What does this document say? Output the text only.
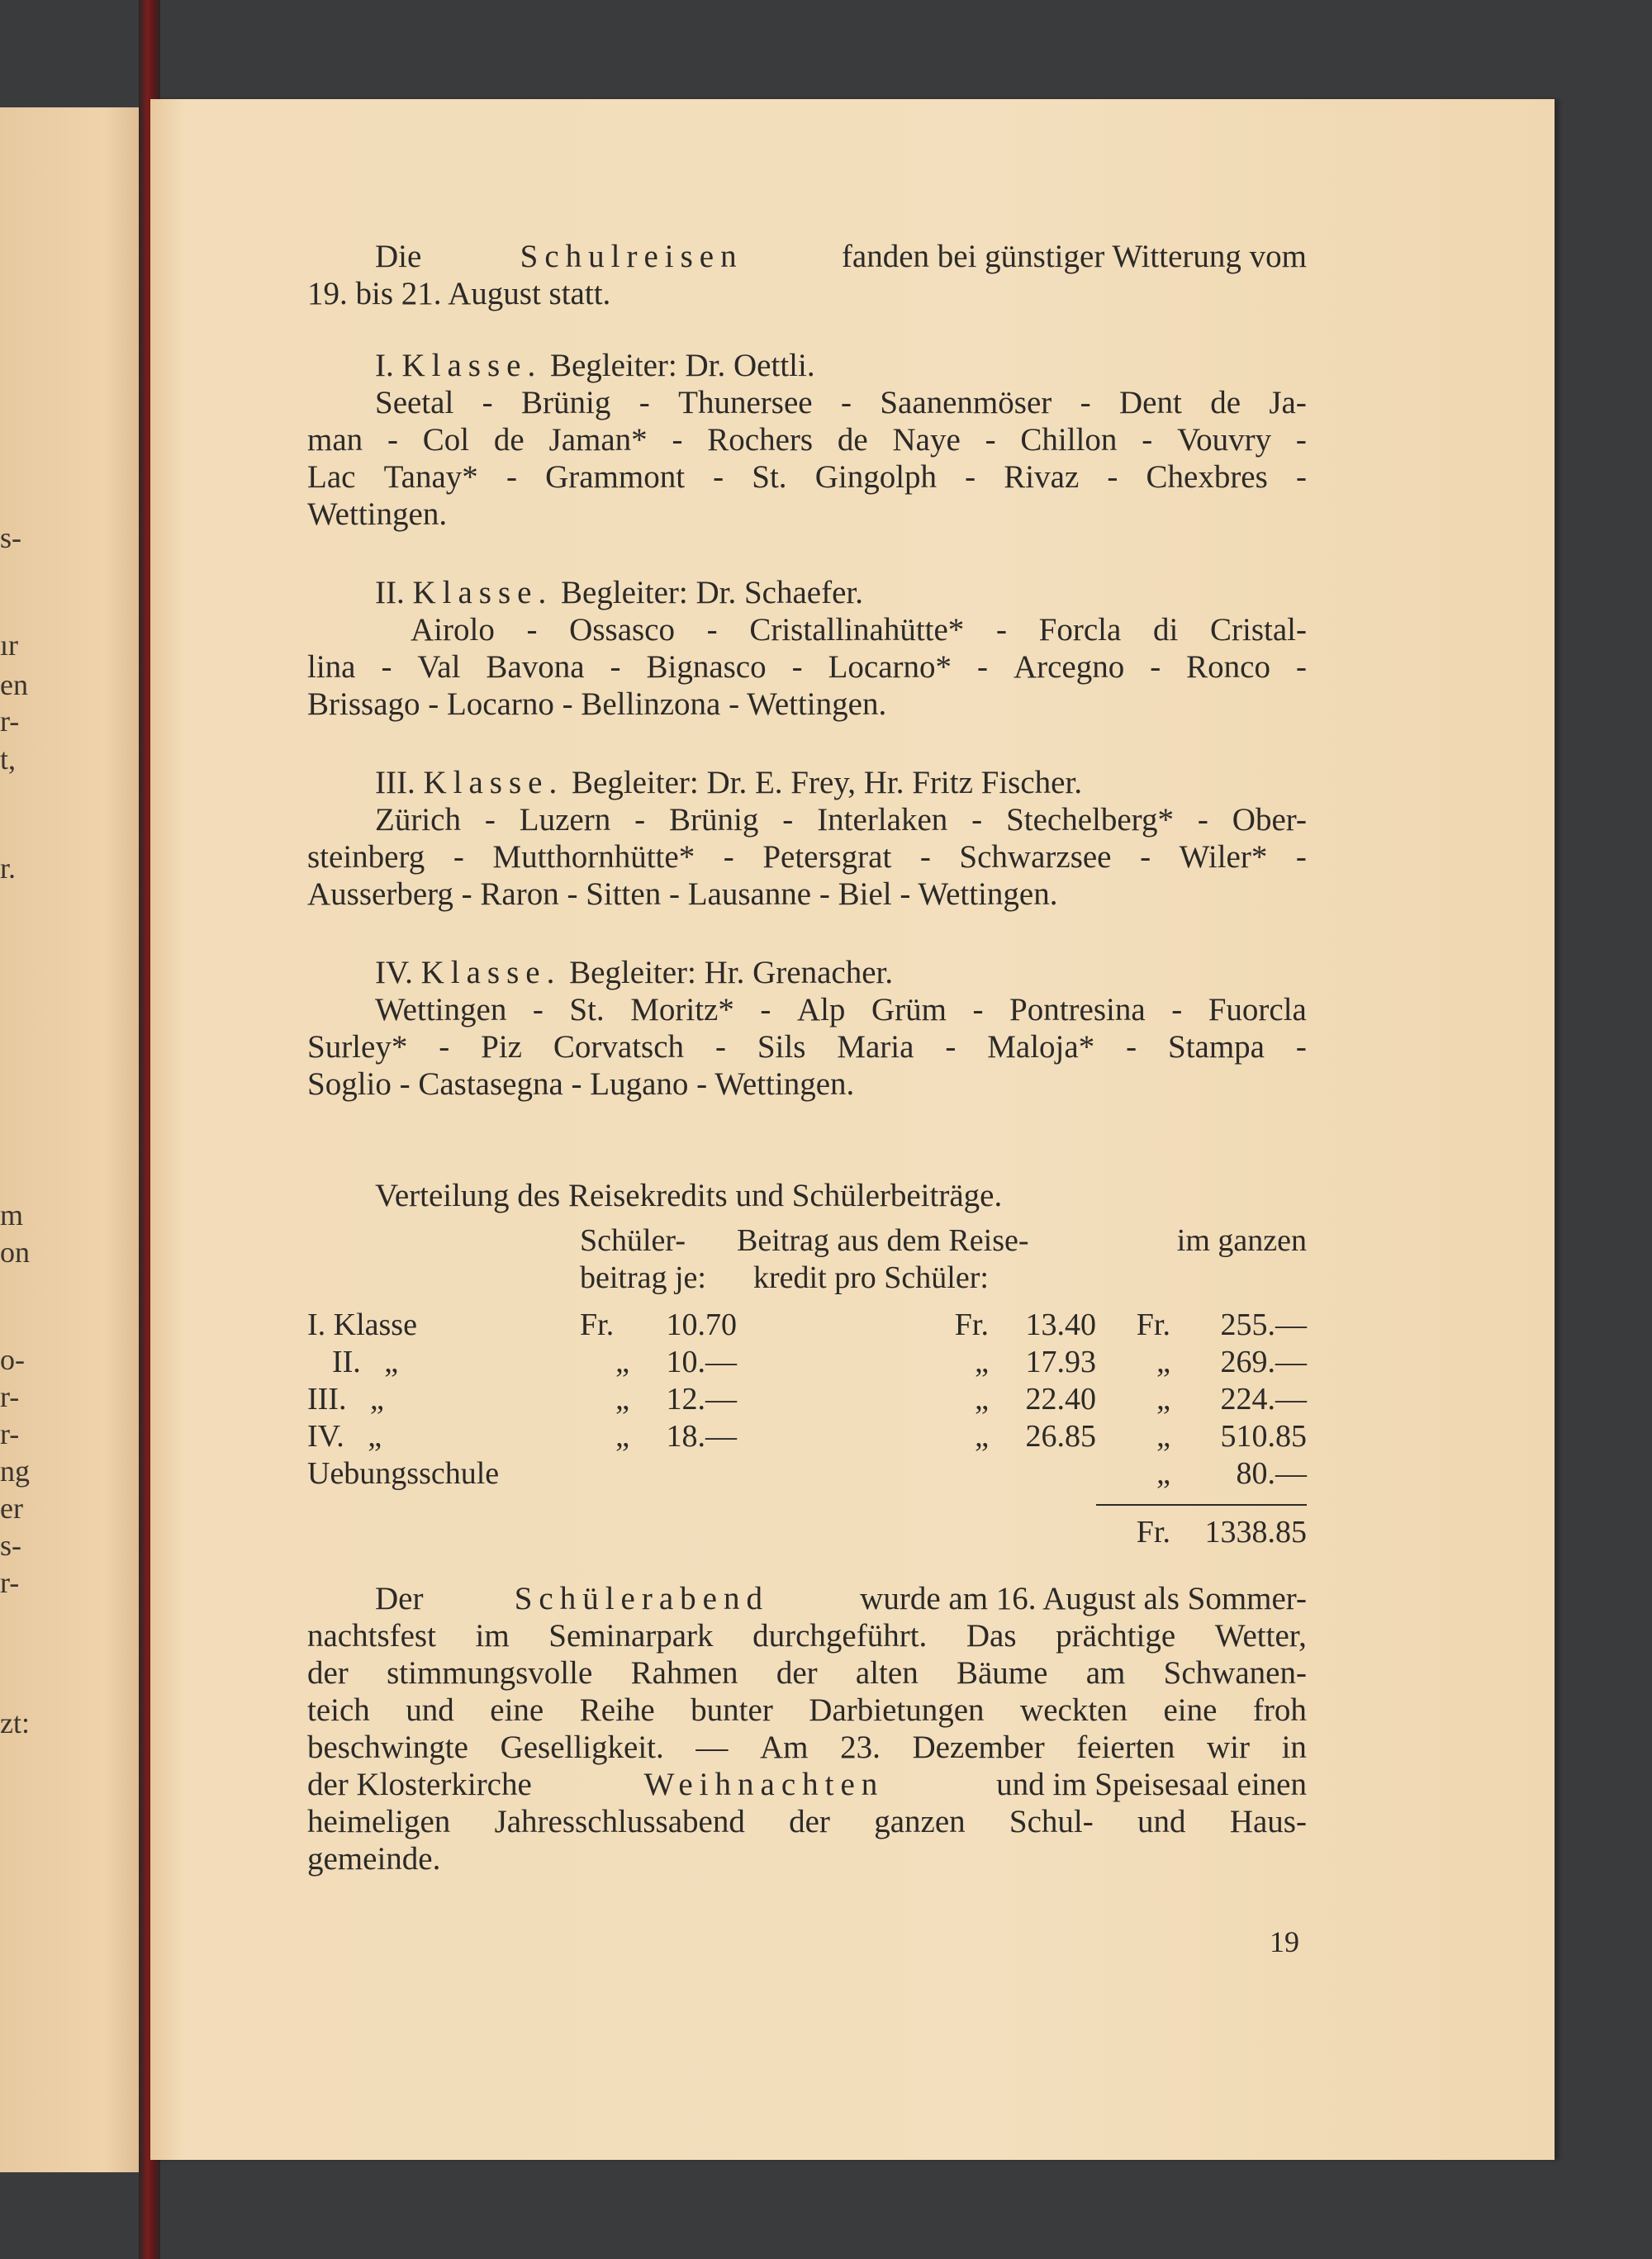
s-
ır
en
r-
t,
r.
m
on
o-
r-
r-
ng
er
s-
r-
zt:
Die	Schulreisen	fanden bei günstiger Witterung vom
19. bis 21. August statt.
I. Klasse. Begleiter: Dr. Oettli.
Seetal - Brünig - Thunersee - Saanenmöser - Dent de Ja-
man - Col de Jaman* - Rochers de Naye - Chillon - Vouvry -
Lac Tanay* - Grammont - St. Gingolph - Rivaz - Chexbres -
Wettingen.
II. Klasse. Begleiter: Dr. Schaefer.
Airolo - Ossasco - Cristallinahütte* - Forcla di Cristal-
lina - Val Bavona - Bignasco - Locarno* - Arcegno - Ronco -
Brissago - Locarno - Bellinzona - Wettingen.
III. Klasse. Begleiter: Dr. E. Frey, Hr. Fritz Fischer.
Zürich - Luzern - Brünig - Interlaken - Stechelberg* - Ober-
steinberg - Mutthornhütte* - Petersgrat - Schwarzsee - Wiler* -
Ausserberg - Raron - Sitten - Lausanne - Biel - Wettingen.
IV. Klasse. Begleiter: Hr. Grenacher.
Wettingen - St. Moritz* - Alp Grüm - Pontresina - Fuorcla
Surley* - Piz Corvatsch - Sils Maria - Maloja* - Stampa -
Soglio - Castasegna - Lugano - Wettingen.
Verteilung des Reisekredits und Schülerbeiträge.
	Schüler-		Beitrag aus dem Reise-			im ganzen	
	beitrag je:		kredit pro Schüler:				

I. Klasse	Fr.	10.70		Fr.	13.40	Fr.	255.—
II.   „	„	10.—		„	17.93	„	269.—
III.   „	„	12.—		„	22.40	„	224.—
IV.   „	„	18.—		„	26.85	„	510.85
Uebungsschule						„	80.—

						Fr.	1338.85
Der	Schülerabend	wurde am 16. August als Sommer-
nachtsfest im Seminarpark durchgeführt. Das prächtige Wetter,
der stimmungsvolle Rahmen der alten Bäume am Schwanen-
teich und eine Reihe bunter Darbietungen weckten eine froh
beschwingte Geselligkeit. — Am 23. Dezember feierten wir in
der Klosterkirche	Weihnachten	und im Speisesaal einen
heimeligen Jahresschlussabend der ganzen Schul- und Haus-
gemeinde.
19
